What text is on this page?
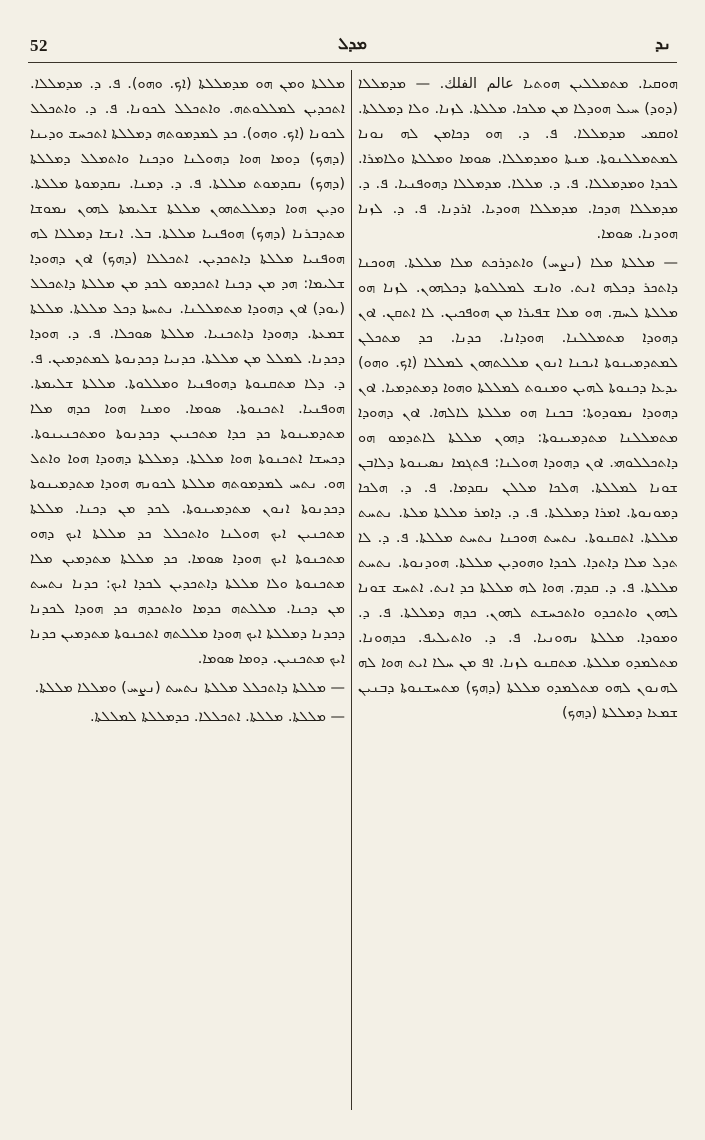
52	ܡܕܠ	ܢܕ

ܗܘܩܝܐ. ܡܬܡܠܠܝܢ ܗܘܬܝܐ عالم الفلك. — ܡܕܡܠܠܐ (ܕܘܕ) ܚܝܠ ܗܘܕܠܐ ܡܢ ܡܠܟܐ. ܡܠܠܬܐ. ܠܙܢܐ. ܘܠܐ ܕܡܠܠܬܐ. ܐܘܩܡܝ ܡܕܡܠܠܐ. ܦ. ܕ. ܗܘ ܕܟܐܡܢ ܠܗ ܢܘܢܐ ܠܡܬܡܠܠܢܘܬܐ. ܡܢܬܐ ܘܡܕܡܠܠܐ. ܣܘܡܐ ܘܡܠܠܬܐ ܘܠܐܡܪܐ. ܠܟܕܐ ܘܡܕܡܠܠܐ. ܦ. ܕ. ܡܠܠܐ. ܡܕܡܠܠܐ ܕܗܘܦܢܝܐ. ܦ. ܕ. ܡܕܡܠܠܐ ܗܕܟܐ. ܡܕܡܠܠܐ ܗܘܕܝܐ. ܐܪܕܢܐ. ܦ. ܕ. ܠܙܢܐ ܗܘܕܢܐ. ܣܘܡܐ.

— ܡܠܠܬܐ ܡܠܐ (ܢܨܚ) ܘܐܬܕܪܟܬ ܡܠܐ ܡܠܠܬܐ. ܗܘܟܢܐ ܕܐܬܟܪ ܕܟܠܗ ܐܢܬ. ܘܐܢܫ ܠܡܠܠܘܬܐ ܕܟܠܗܘܢ. ܠܙܢܐ ܗܘ ܡܠܠܬܐ ܠܚܡ. ܗܘ ܡܠܐ ܫܦܝܪܐ ܡܢ ܗܘܦܟܝܢ. ܠܐ ܐܬܩܢ. ܐܘܢ ܕܗܘܕܐ ܡܬܡܠܠܢܐ. ܗܘܕܐܢܐ. ܟܕܢܐ. ܟܕ ܡܬܟܠܢ ܠܡܬܕܡܝܢܘܬܐ ܐܝܟܢܐ ܐܢܘܢ ܡܠܠܬܗܘܢ ܠܡܠܠܐ (ܐܟ. ܘܗܘ) ܝܕܥܐ ܕܟܢܘܬܐ ܠܗܝܢ ܘܡܢܘܬ ܠܡܠܠܬܐ ܘܗܘܐ ܕܡܬܕܡܝܐ. ܐܘܢ ܕܗܘܕܐ ܢܡܘܕܘܬܐ: ܒܟܢܐ ܗܘ ܡܠܠܬܐ ܠܐܠܗܐ. ܐܘܢ ܕܗܘܕܐ ܡܬܡܠܠܢܐ ܡܬܕܡܝܢܘܬܐ: ܕܗܘܢ ܡܠܠܬܐ ܠܐܬܕܡܘ ܗܘ ܕܐܬܟܠܠܘܗܝ. ܐܘܢ ܕܗܘܕܐ ܗܘܠܢܐ: ܦܬܓܡܐ ܢܣܝܢܘܬܐ ܕܠܐܒܢ ܫܘܢܐ ܠܡܠܠܬܐ. ܗܠܟܐ ܡܠܠܢ ܢܩܕܡܐ. ܦ. ܕ. ܗܠܟܐ ܕܡܘܢܘܬܐ. ܐܡܪܐ ܕܡܠܠܬܐ. ܦ. ܕ. ܕܐܡܪ ܡܠܠܬܐ ܡܠܬܐ. ܢܬܚܬ ܡܠܠܬܐ. ܐܬܩܢܘܬܐ. ܢܬܚܬ ܗܘܟܢܐ ܢܬܚܬ ܡܠܠܬܐ. ܦ. ܕ. ܠܐ ܬܕܠ ܡܠܐ ܕܐܬܕܐ. ܠܟܕܐ ܘܗܘܕܝܢ ܡܠܠܬܐ. ܗܘܕܢܘܬܐ. ܢܬܚܬ ܡܠܠܬܐ. ܦ. ܕ. ܩܕܡ. ܗܘܐ ܠܗ ܡܠܠܬܐ ܟܕ ܐܢܬ. ܐܬܚܫ ܫܘܢܐ ܠܗܘܢ ܘܐܬܟܕܘ ܘܐܬܟܚܫܬ ܠܗܘܢ. ܟܕܗ ܕܡܠܠܬܐ. ܦ. ܕ. ܘܡܘܕܐ. ܡܠܠܬܐ ܢܗܘܢܝܐ. ܦ. ܕ. ܘܐܬܝܠܝܦ. ܟܕܗܘܢܐ. ܡܬܠܡܕܘ ܡܠܠܬܐ. ܡܬܩܢܘ ܠܙܢܐ. ܐܦ ܡܢ ܚܠܐ ܐܝܬ ܗܘܐ ܠܗ ܠܗܢܘܢ ܠܗܘ ܡܬܠܡܕܘ ܡܠܠܬܐ (ܕܗܟ) ܡܬܚܫܢܘܬܐ ܕܒܢܝܢ ܫܡܥܐ ܕܡܠܠܬܐ (ܕܗܟ)

ܡܠܠܬܐ ܘܡܢ ܗܘ ܡܕܡܠܠܬܐ (ܐܟ. ܘܗܘ). ܦ. ܕ. ܡܕܡܠܠܐ. ܐܬܟܕܝܢ ܠܡܠܠܘܬܗ. ܘܐܬܟܠܠ ܠܟܘܢܐ. ܦ. ܕ. ܘܐܬܟܠܠ ܠܟܘܢܐ (ܐܟ. ܘܗܘ). ܟܕ ܠܡܕܡܘܬܗ ܕܡܠܠܬܐ ܐܬܟܚܫ ܘܕܝܢܐ (ܕܗܟ) ܕܘܡܐ ܗܘܐ ܕܗܘܠܢܐ ܘܕܟܢܐ ܘܐܬܡܠܠ ܕܡܠܠܬܐ (ܕܗܟ) ܢܩܕܡܘܬ ܡܠܠܬܐ. ܦ. ܕ. ܕܡܢܐ. ܢܩܕܡܘܬܐ ܡܠܠܬܐ. ܘܕܝܢ ܗܘܐ ܕܡܠܠܬܗܘܢ ܡܠܠܬܐ ܫܠܝܡܬܐ ܠܗܘܢ ܢܡܘܫܐ ܡܬܕܒܪܢܐ (ܕܗܟ) ܗܘܦܢܝܐ ܡܠܠܬܐ. ܒܠ. ܐܢܫܐ ܕܡܠܠܐ ܠܗ ܗܘܦܢܝܐ ܡܠܠܬܐ ܕܐܬܟܕܝܢ. ܐܬܟܠܠܐ (ܕܗܟ) ܐܘܢ ܕܗܘܕܐ ܫܠܝܡܐ: ܗܕ ܡܢ ܕܟܢܐ ܐܬܟܕܡܘ ܠܟܕ ܡܢ ܡܠܠܬܐ ܕܐܬܟܠܠ (ܝܘܕ) ܐܘܢ ܕܗܘܕܐ ܡܬܡܠܠܢܐ. ܢܬܚܬܐ ܕܟܠ ܡܠܠܬܐ. ܡܠܠܬܐ ܫܡܥܬܐ. ܕܗܘܕܐ ܕܐܬܟܢܝܐ. ܡܠܠܬܐ ܣܘܟܠܐ. ܦ. ܕ. ܗܘܕܐ ܕܟܕܢܐ. ܠܡܠܠ ܡܢ ܡܠܠܬܐ. ܟܕܢܝܐ ܕܟܕܢܘܬܐ ܠܡܬܕܡܝܢ. ܦ. ܕ. ܕܠܐ ܡܬܩܢܘܬܐ ܕܗܘܦܢܝܐ ܘܡܠܠܘܬܐ. ܡܠܠܬܐ ܫܠܝܡܬܐ. ܗܘܦܢܝܐ. ܐܬܟܢܘܬܐ. ܣܘܡܐ. ܘܡܢܐ ܗܘܐ ܟܕܗ ܡܠܐ ܡܬܕܡܝܢܘܬܐ ܟܕ ܟܕܐ ܡܬܟܢܝܢ ܕܟܕܢܘܬܐ ܘܡܬܟܢܝܢܘܬܐ. ܕܟܚܫܐ ܐܬܟܢܘܬܐ ܗܘܐ ܡܠܠܬܐ. ܕܡܠܠܬܐ ܕܗܘܕܐ ܗܘܐ ܘܐܬܠ ܗܘ. ܢܬܚ ܠܡܕܡܘܬܗ ܡܠܠܬܐ ܠܟܘܢܗ ܗܘܕܐ ܡܬܕܡܝܢܘܬܐ ܕܟܕܢܘܬܐ ܐܢܘܢ ܡܬܕܡܝܢܘܬܐ. ܠܟܕ ܡܢ ܕܟܢܐ. ܡܠܠܬܐ ܡܬܟܢܝܢ ܐܝܟ ܗܘܠܢܐ ܘܐܬܟܠܠ ܟܕ ܡܠܠܬܐ ܐܝܟ ܕܗܘ ܡܬܟܢܘܬܐ ܐܝܟ ܗܘܕܐ ܣܘܡܐ. ܟܕ ܡܠܠܬܐ ܡܬܕܡܝܢ ܡܠܐ ܡܬܟܢܘܬܐ ܘܠܐ ܡܠܠܬܐ ܕܐܬܟܕܝܢ ܠܟܕܐ ܐܝܟ: ܟܕܢܐ ܢܬܚܬ ܡܢ ܕܟܢܐ. ܡܠܠܬܗ ܟܕܡܐ ܘܐܬܟܕܗ ܟܕ ܗܘܕܐ ܠܟܕܢܐ ܕܟܕܢܐ ܕܡܠܠܬܐ ܐܝܟ ܗܘܕܐ ܡܠܠܬܗ ܐܬܟܢܘܬܐ ܡܬܕܡܝܢ ܟܕܢܐ ܐܝܟ ܡܬܟܢܝܢ. ܕܘܡܐ ܣܘܡܐ.

— ܡܠܠܬܐ ܕܐܬܟܠܠ ܡܠܠܬܐ ܢܬܚܬ (ܢܨܚ) ܘܡܠܠܐ ܡܠܠܬܐ.

— ܡܠܠܬܐ. ܡܠܠܬܐ. ܐܬܟܠܠܐ. ܟܕܡܠܠܬܐ ܠܡܠܠܬܐ.
